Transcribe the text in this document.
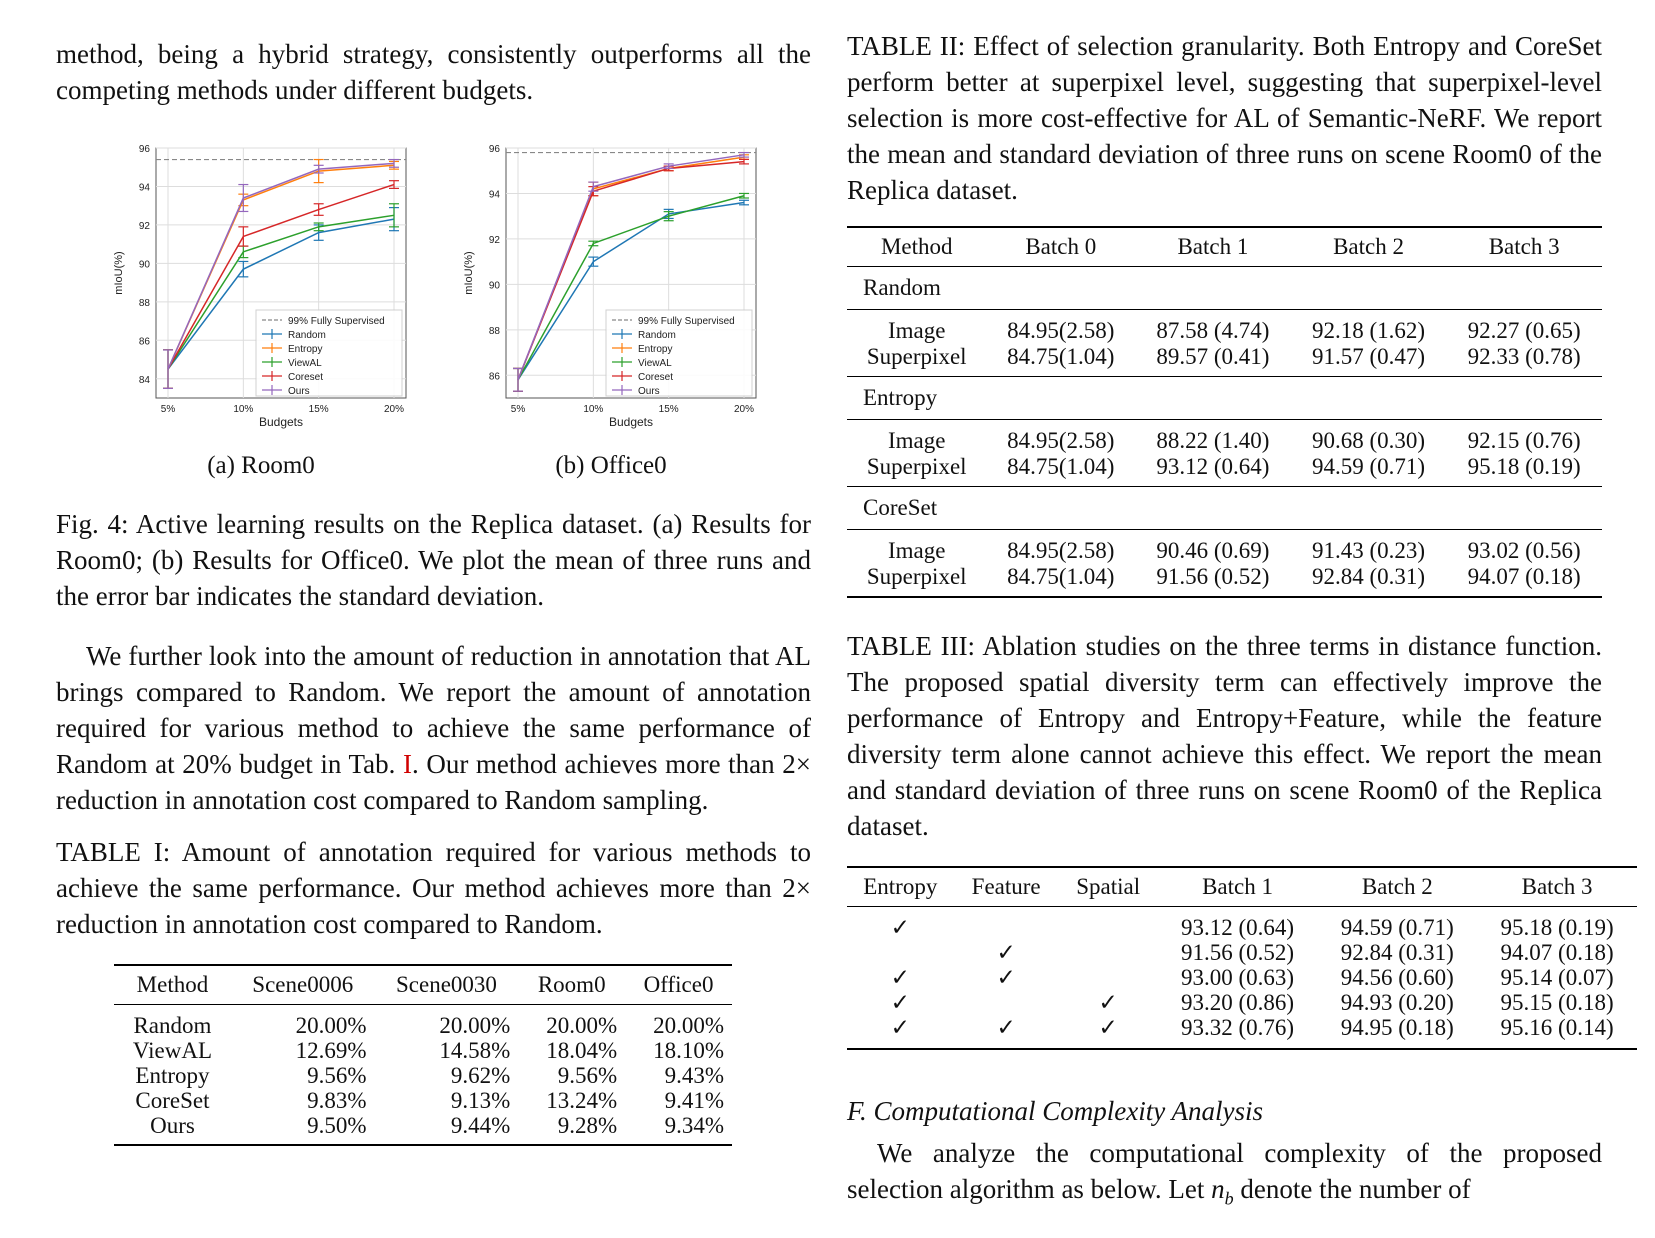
method, being a hybrid strategy, consistently outperforms all the competing methods under different budgets.

84
86
88
90
92
94
96
5%	10%	15%	20%
Budgets
mIoU(%)
99% Fully Supervised
Random
Entropy
ViewAL
Coreset
Ours
86
88
90
92
94
96
5%	10%	15%	20%
Budgets
mIoU(%)
99% Fully Supervised
Random
Entropy
ViewAL
Coreset
Ours
(a) Room0	(b) Office0

Fig. 4: Active learning results on the Replica dataset. (a) Results for Room0; (b) Results for Office0. We plot the mean of three runs and the error bar indicates the standard deviation.

We further look into the amount of reduction in annotation that AL brings compared to Random. We report the amount of annotation required for various method to achieve the same performance of Random at 20% budget in Tab. I. Our method achieves more than 2× reduction in annotation cost compared to Random sampling.

TABLE I: Amount of annotation required for various methods to achieve the same performance. Our method achieves more than 2× reduction in annotation cost compared to Random.

Method	Scene0006	Scene0030	Room0	Office0
Random	20.00%	20.00%	20.00%	20.00%
ViewAL	12.69%	14.58%	18.04%	18.10%
Entropy	9.56%	9.62%	9.56%	9.43%
CoreSet	9.83%	9.13%	13.24%	9.41%
Ours	9.50%	9.44%	9.28%	9.34%

TABLE II: Effect of selection granularity. Both Entropy and CoreSet perform better at superpixel level, suggesting that superpixel-level selection is more cost-effective for AL of Semantic-NeRF. We report the mean and standard deviation of three runs on scene Room0 of the Replica dataset.

Method	Batch 0	Batch 1	Batch 2	Batch 3
Random				
Image	84.95(2.58)	87.58 (4.74)	92.18 (1.62)	92.27 (0.65)
Superpixel	84.75(1.04)	89.57 (0.41)	91.57 (0.47)	92.33 (0.78)
Entropy				
Image	84.95(2.58)	88.22 (1.40)	90.68 (0.30)	92.15 (0.76)
Superpixel	84.75(1.04)	93.12 (0.64)	94.59 (0.71)	95.18 (0.19)
CoreSet				
Image	84.95(2.58)	90.46 (0.69)	91.43 (0.23)	93.02 (0.56)
Superpixel	84.75(1.04)	91.56 (0.52)	92.84 (0.31)	94.07 (0.18)

TABLE III: Ablation studies on the three terms in distance function. The proposed spatial diversity term can effectively improve the performance of Entropy and Entropy+Feature, while the feature diversity term alone cannot achieve this effect. We report the mean and standard deviation of three runs on scene Room0 of the Replica dataset.

Entropy	Feature	Spatial	Batch 1	Batch 2	Batch 3
✓			93.12 (0.64)	94.59 (0.71)	95.18 (0.19)
	✓		91.56 (0.52)	92.84 (0.31)	94.07 (0.18)
✓	✓		93.00 (0.63)	94.56 (0.60)	95.14 (0.07)
✓		✓	93.20 (0.86)	94.93 (0.20)	95.15 (0.18)
✓	✓	✓	93.32 (0.76)	94.95 (0.18)	95.16 (0.14)

F. Computational Complexity Analysis

We analyze the computational complexity of the proposed selection algorithm as below. Let $n_b$ denote the number of
